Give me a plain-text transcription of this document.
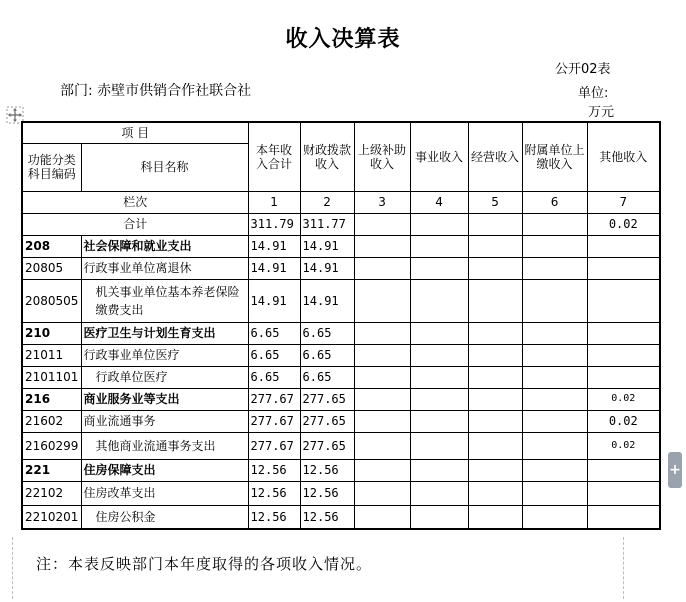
收入决算表
公开02表
部门: 赤壁市供销合作社联合社	单位:
万元
项 目		本年收入合计	财政拨款收入	上级补助收入	事业收入	经营收入	附属单位上缴收入	其他收入
功能分类科目编码	科目名称							
栏次		1	2	3	4	5	6	7
合计		311.79	311.77					0.02
208	社会保障和就业支出	14.91	14.91					
20805	行政事业单位离退休	14.91	14.91					
2080505	机关事业单位基本养老保险缴费支出	14.91	14.91					
210	医疗卫生与计划生育支出	6.65	6.65					
21011	行政事业单位医疗	6.65	6.65					
2101101	行政单位医疗	6.65	6.65					
216	商业服务业等支出	277.67	277.65					0.02
21602	商业流通事务	277.67	277.65					0.02
2160299	其他商业流通事务支出	277.67	277.65					0.02
221	住房保障支出	12.56	12.56					
22102	住房改革支出	12.56	12.56					
2210201	住房公积金	12.56	12.56					
注：本表反映部门本年度取得的各项收入情况。
+
